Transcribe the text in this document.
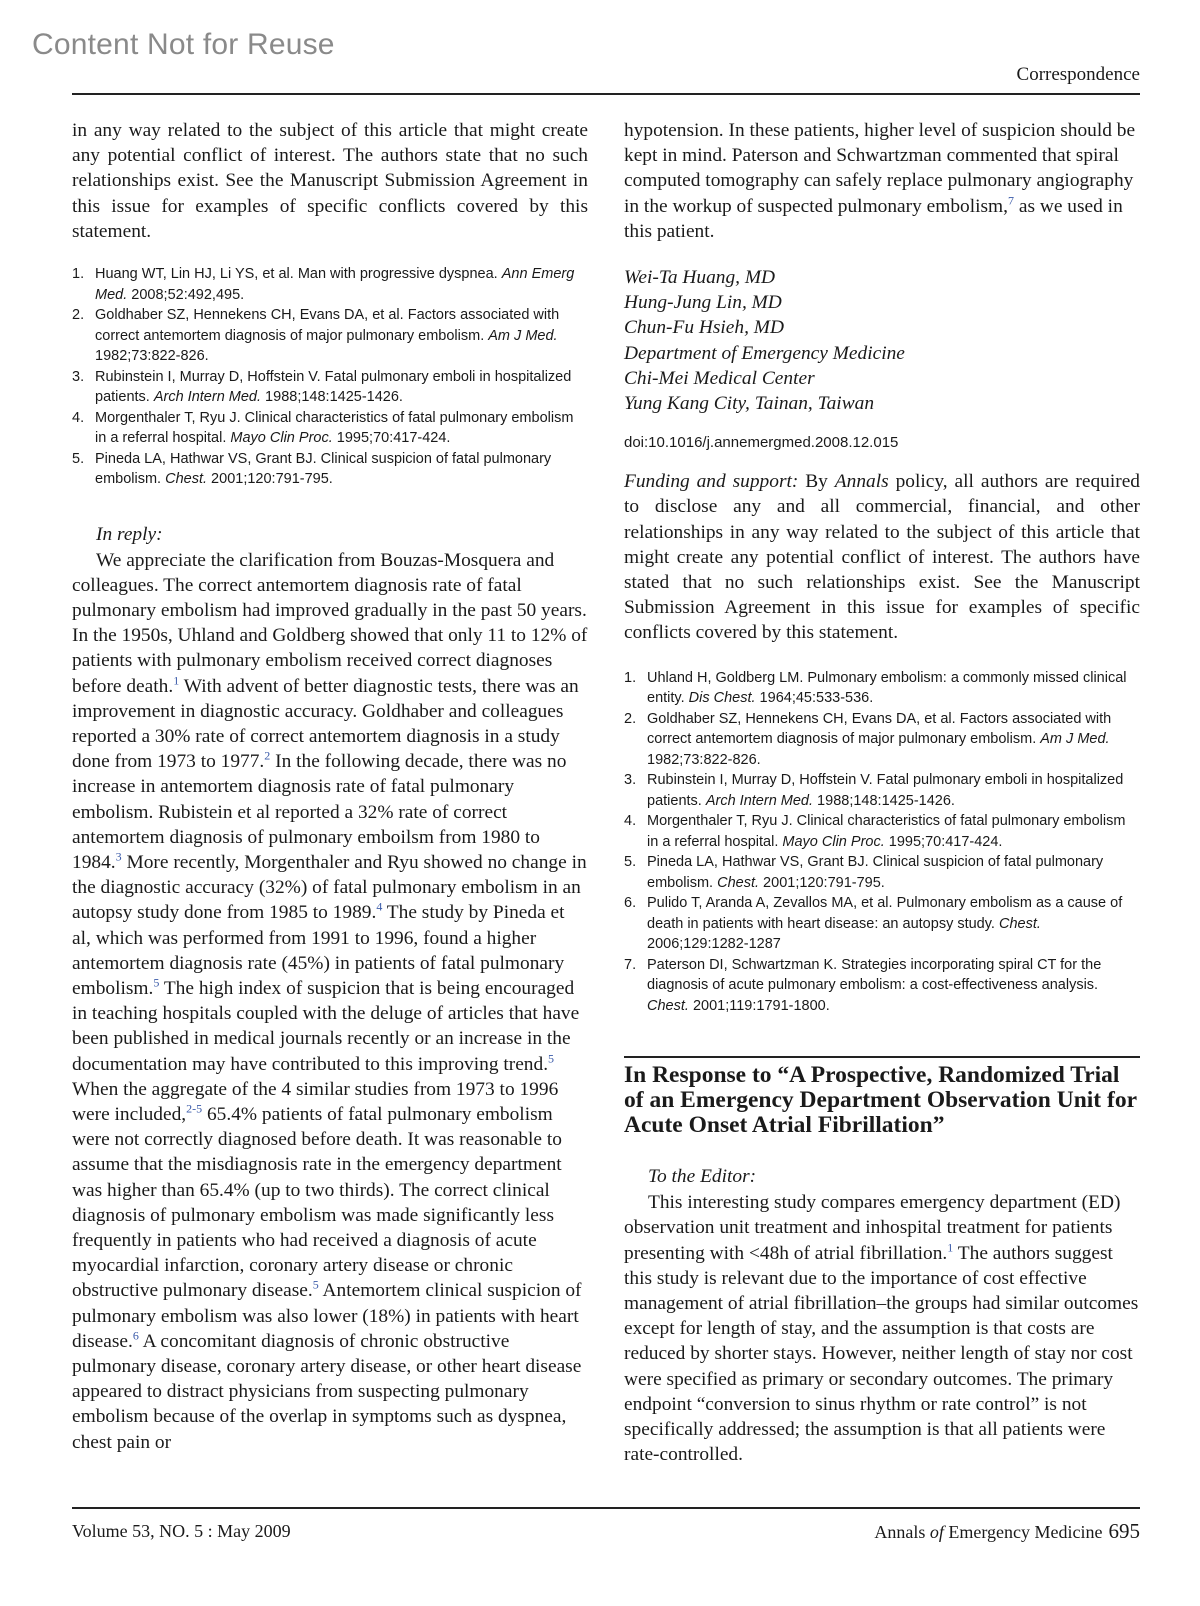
Content Not for Reuse
Correspondence

in any way related to the subject of this article that might create any potential conflict of interest. The authors state that no such relationships exist. See the Manuscript Submission Agreement in this issue for examples of specific conflicts covered by this statement.

1. Huang WT, Lin HJ, Li YS, et al. Man with progressive dyspnea. Ann Emerg Med. 2008;52:492,495.
2. Goldhaber SZ, Hennekens CH, Evans DA, et al. Factors associated with correct antemortem diagnosis of major pulmonary embolism. Am J Med. 1982;73:822-826.
3. Rubinstein I, Murray D, Hoffstein V. Fatal pulmonary emboli in hospitalized patients. Arch Intern Med. 1988;148:1425-1426.
4. Morgenthaler T, Ryu J. Clinical characteristics of fatal pulmonary embolism in a referral hospital. Mayo Clin Proc. 1995;70:417-424.
5. Pineda LA, Hathwar VS, Grant BJ. Clinical suspicion of fatal pulmonary embolism. Chest. 2001;120:791-795.

In reply:

We appreciate the clarification from Bouzas-Mosquera and colleagues. The correct antemortem diagnosis rate of fatal pulmonary embolism had improved gradually in the past 50 years. In the 1950s, Uhland and Goldberg showed that only 11 to 12% of patients with pulmonary embolism received correct diagnoses before death.$^1$ With advent of better diagnostic tests, there was an improvement in diagnostic accuracy. Goldhaber and colleagues reported a 30% rate of correct antemortem diagnosis in a study done from 1973 to 1977.$^2$ In the following decade, there was no increase in antemortem diagnosis rate of fatal pulmonary embolism. Rubistein et al reported a 32% rate of correct antemortem diagnosis of pulmonary emboilsm from 1980 to 1984.$^3$ More recently, Morgenthaler and Ryu showed no change in the diagnostic accuracy (32%) of fatal pulmonary embolism in an autopsy study done from 1985 to 1989.$^4$ The study by Pineda et al, which was performed from 1991 to 1996, found a higher antemortem diagnosis rate (45%) in patients of fatal pulmonary embolism.$^5$ The high index of suspicion that is being encouraged in teaching hospitals coupled with the deluge of articles that have been published in medical journals recently or an increase in the documentation may have contributed to this improving trend.$^5$ When the aggregate of the 4 similar studies from 1973 to 1996 were included,$^{2-5}$ 65.4% patients of fatal pulmonary embolism were not correctly diagnosed before death. It was reasonable to assume that the misdiagnosis rate in the emergency department was higher than 65.4% (up to two thirds). The correct clinical diagnosis of pulmonary embolism was made significantly less frequently in patients who had received a diagnosis of acute myocardial infarction, coronary artery disease or chronic obstructive pulmonary disease.$^5$ Antemortem clinical suspicion of pulmonary embolism was also lower (18%) in patients with heart disease.$^6$ A concomitant diagnosis of chronic obstructive pulmonary disease, coronary artery disease, or other heart disease appeared to distract physicians from suspecting pulmonary embolism because of the overlap in symptoms such as dyspnea, chest pain or

hypotension. In these patients, higher level of suspicion should be kept in mind. Paterson and Schwartzman commented that spiral computed tomography can safely replace pulmonary angiography in the workup of suspected pulmonary embolism,$^7$ as we used in this patient.

Wei-Ta Huang, MD

Hung-Jung Lin, MD

Chun-Fu Hsieh, MD

Department of Emergency Medicine

Chi-Mei Medical Center

Yung Kang City, Tainan, Taiwan

doi:10.1016/j.annemergmed.2008.12.015

Funding and support: By Annals policy, all authors are required to disclose any and all commercial, financial, and other relationships in any way related to the subject of this article that might create any potential conflict of interest. The authors have stated that no such relationships exist. See the Manuscript Submission Agreement in this issue for examples of specific conflicts covered by this statement.

1. Uhland H, Goldberg LM. Pulmonary embolism: a commonly missed clinical entity. Dis Chest. 1964;45:533-536.
2. Goldhaber SZ, Hennekens CH, Evans DA, et al. Factors associated with correct antemortem diagnosis of major pulmonary embolism. Am J Med. 1982;73:822-826.
3. Rubinstein I, Murray D, Hoffstein V. Fatal pulmonary emboli in hospitalized patients. Arch Intern Med. 1988;148:1425-1426.
4. Morgenthaler T, Ryu J. Clinical characteristics of fatal pulmonary embolism in a referral hospital. Mayo Clin Proc. 1995;70:417-424.
5. Pineda LA, Hathwar VS, Grant BJ. Clinical suspicion of fatal pulmonary embolism. Chest. 2001;120:791-795.
6. Pulido T, Aranda A, Zevallos MA, et al. Pulmonary embolism as a cause of death in patients with heart disease: an autopsy study. Chest. 2006;129:1282-1287
7. Paterson DI, Schwartzman K. Strategies incorporating spiral CT for the diagnosis of acute pulmonary embolism: a cost-effectiveness analysis. Chest. 2001;119:1791-1800.
In Response to “A Prospective, Randomized Trial of an Emergency Department Observation Unit for Acute Onset Atrial Fibrillation”

To the Editor:

This interesting study compares emergency department (ED) observation unit treatment and inhospital treatment for patients presenting with <48h of atrial fibrillation.$^1$ The authors suggest this study is relevant due to the importance of cost effective management of atrial fibrillation–the groups had similar outcomes except for length of stay, and the assumption is that costs are reduced by shorter stays. However, neither length of stay nor cost were specified as primary or secondary outcomes. The primary endpoint “conversion to sinus rhythm or rate control” is not specifically addressed; the assumption is that all patients were rate-controlled.

Volume 53, NO. 5 : May 2009	Annals of Emergency Medicine 695
